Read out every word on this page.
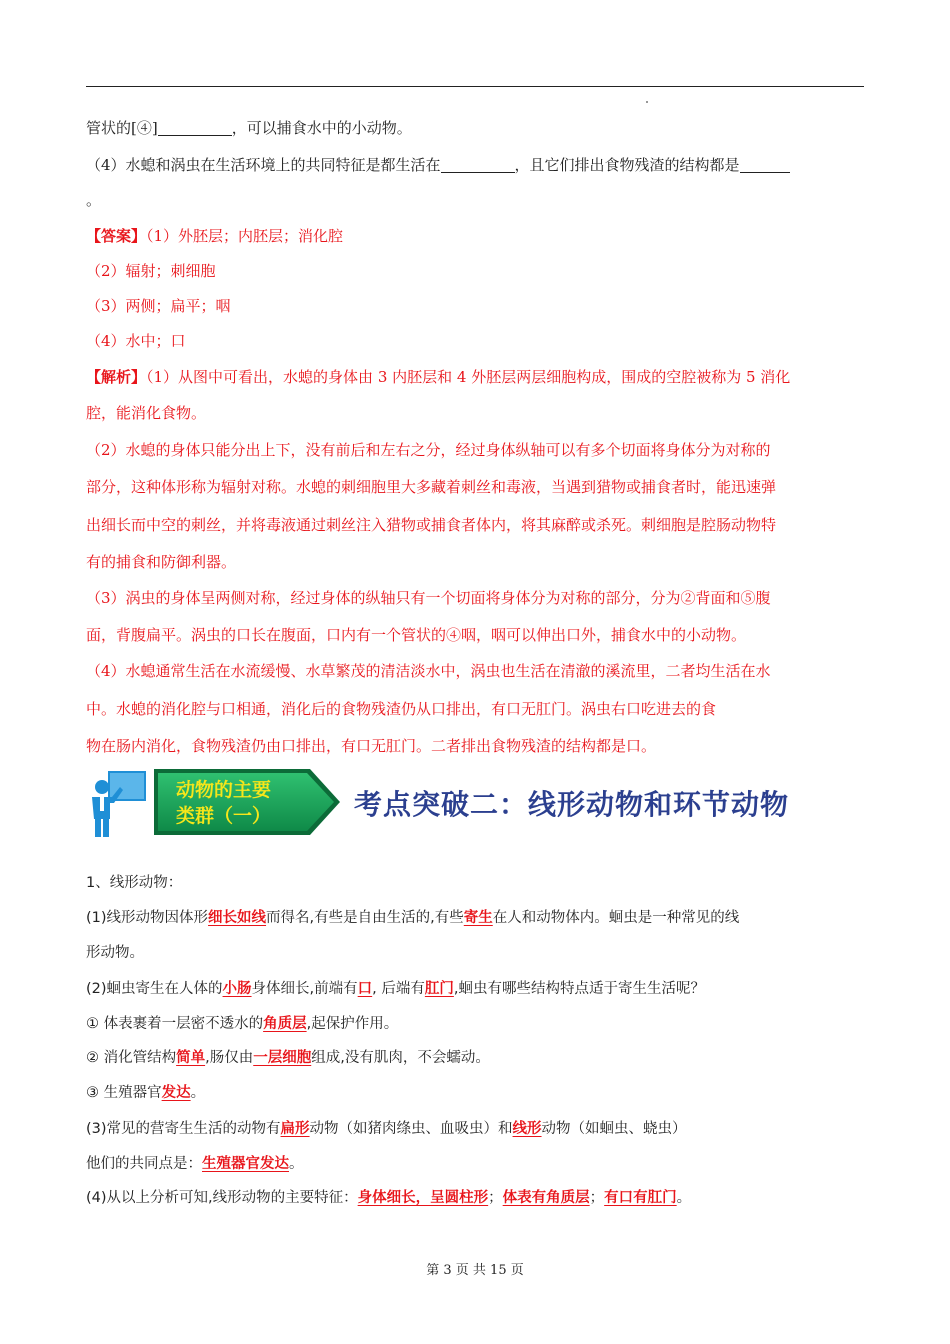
管状的[④]	，可以捕食水中的小动物。
（4）水螅和涡虫在生活环境上的共同特征是都生活在	，且它们排出食物残渣的结构都是
。
【答案】（1）外胚层；内胚层；消化腔
（2）辐射；刺细胞
（3）两侧；扁平；咽
（4）水中；口
【解析】（1）从图中可看出，水螅的身体由 3 内胚层和 4 外胚层两层细胞构成，围成的空腔被称为 5 消化
腔，能消化食物。
（2）水螅的身体只能分出上下，没有前后和左右之分，经过身体纵轴可以有多个切面将身体分为对称的
部分，这种体形称为辐射对称。水螅的刺细胞里大多藏着刺丝和毒液，当遇到猎物或捕食者时，能迅速弹
出细长而中空的刺丝，并将毒液通过刺丝注入猎物或捕食者体内，将其麻醉或杀死。刺细胞是腔肠动物特
有的捕食和防御利器。
（3）涡虫的身体呈两侧对称，经过身体的纵轴只有一个切面将身体分为对称的部分，分为②背面和⑤腹
面，背腹扁平。涡虫的口长在腹面，口内有一个管状的④咽，咽可以伸出口外，捕食水中的小动物。
（4）水螅通常生活在水流缓慢、水草繁茂的清洁淡水中，涡虫也生活在清澈的溪流里，二者均生活在水
中。水螅的消化腔与口相通，消化后的食物残渣仍从口排出，有口无肛门。涡虫右口吃进去的食
物在肠内消化，食物残渣仍由口排出，有口无肛门。二者排出食物残渣的结构都是口。
动物的主要
类群（一）	考点突破二：线形动物和环节动物
1、线形动物：
(1)线形动物因体形细长如线而得名,有些是自由生活的,有些寄生在人和动物体内。蛔虫是一种常见的线
形动物。
(2)蛔虫寄生在人体的小肠身体细长,前端有口, 后端有肛门,蛔虫有哪些结构特点适于寄生生活呢？
① 体表裹着一层密不透水的角质层,起保护作用。
② 消化管结构简单,肠仅由一层细胞组成,没有肌肉，不会蠕动。
③ 生殖器官发达。
(3)常见的营寄生生活的动物有扁形动物（如猪肉绦虫、血吸虫）和线形动物（如蛔虫、蛲虫）
他们的共同点是：生殖器官发达。
(4)从以上分析可知,线形动物的主要特征：身体细长，呈圆柱形；体表有角质层；有口有肛门。
第 3 页 共 15 页
